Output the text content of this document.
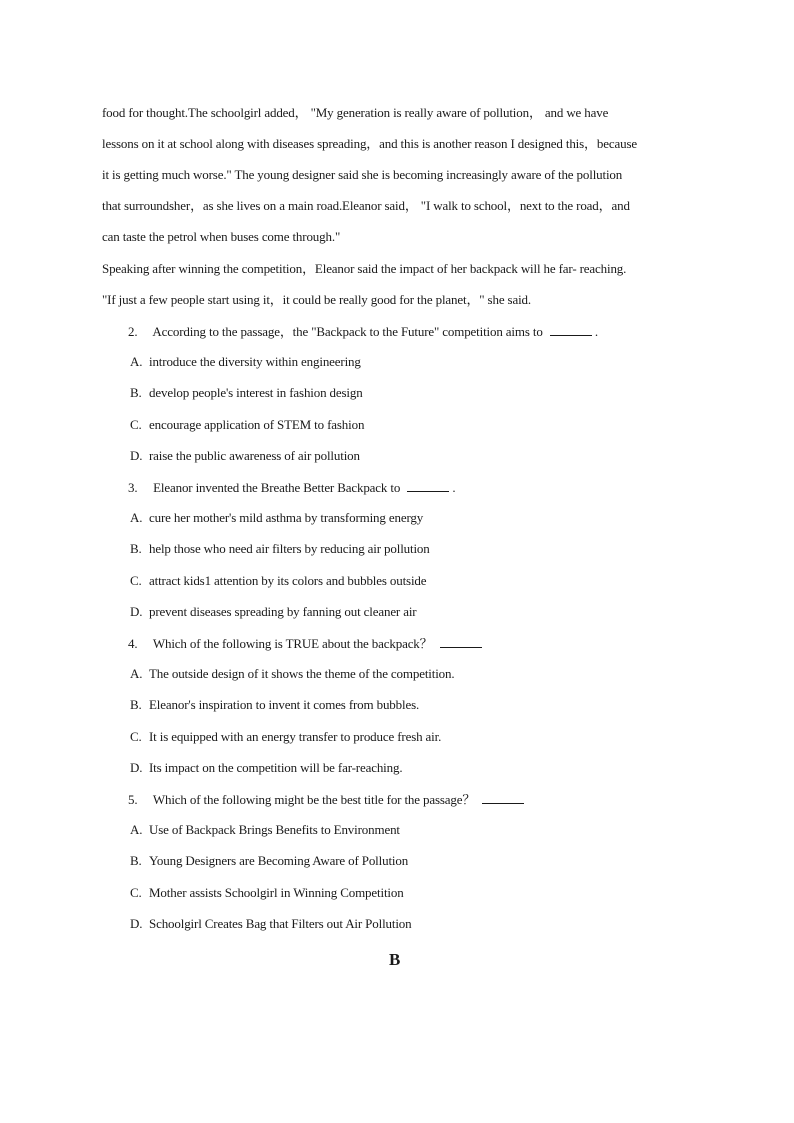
food for thought.The schoolgirl added， "My generation is really aware of pollution， and we have
lessons on it at school along with diseases spreading，and this is another reason I designed this，because
it is getting much worse." The young designer said she is becoming increasingly aware of the pollution
that surroundsher，as she lives on a main road.Eleanor said， "I walk to school，next to the road，and
can taste the petrol when buses come through."
Speaking after winning the competition，Eleanor said the impact of her backpack will he far- reaching.
"If just a few people start using it，it could be really good for the planet，" she said.
2. According to the passage，the "Backpack to the Future" competition aims to	.
A. introduce the diversity within engineering
B. develop people's interest in fashion design
C. encourage application of STEM to fashion
D. raise the public awareness of air pollution
3. Eleanor invented the Breathe Better Backpack to	.
A. cure her mother's mild asthma by transforming energy
B. help those who need air filters by reducing air pollution
C. attract kids1 attention by its colors and bubbles outside
D. prevent diseases spreading by fanning out cleaner air
4. Which of the following is TRUE about the backpack？
A. The outside design of it shows the theme of the competition.
B. Eleanor's inspiration to invent it comes from bubbles.
C. It is equipped with an energy transfer to produce fresh air.
D. Its impact on the competition will be far-reaching.
5. Which of the following might be the best title for the passage？
A. Use of Backpack Brings Benefits to Environment
B. Young Designers are Becoming Aware of Pollution
C. Mother assists Schoolgirl in Winning Competition
D. Schoolgirl Creates Bag that Filters out Air Pollution
B
